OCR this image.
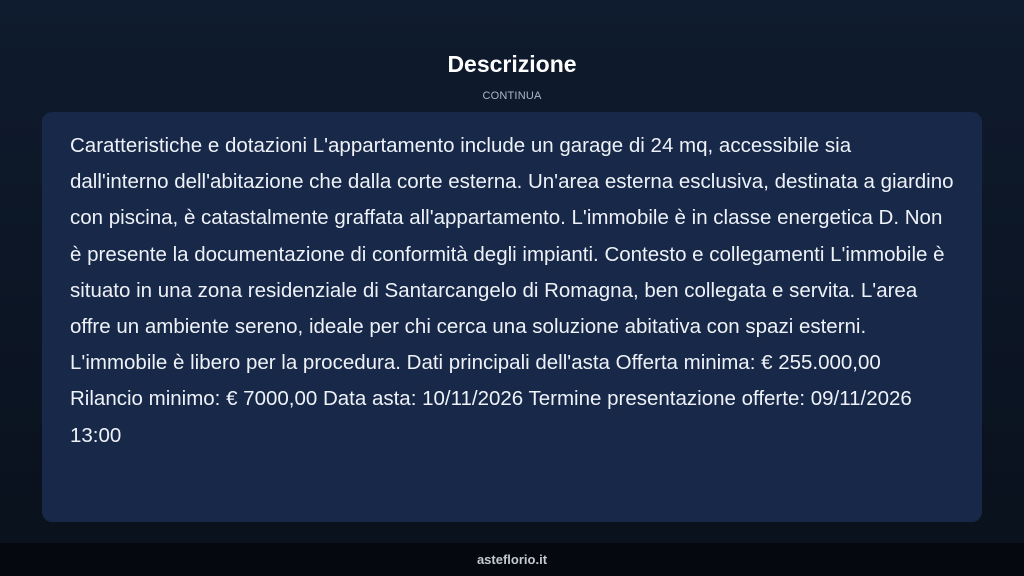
Descrizione
CONTINUA

Caratteristiche e dotazioni L'appartamento include un garage di 24 mq, accessibile sia dall'interno dell'abitazione che dalla corte esterna. Un'area esterna esclusiva, destinata a giardino con piscina, è catastalmente graffata all'appartamento. L'immobile è in classe energetica D. Non è presente la documentazione di conformità degli impianti. Contesto e collegamenti L'immobile è situato in una zona residenziale di Santarcangelo di Romagna, ben collegata e servita. L'area offre un ambiente sereno, ideale per chi cerca una soluzione abitativa con spazi esterni. L'immobile è libero per la procedura. Dati principali dell'asta Offerta minima: € 255.000,00 Rilancio minimo: € 7000,00 Data asta: 10/11/2026 Termine presentazione offerte: 09/11/2026 13:00

asteflorio.it
